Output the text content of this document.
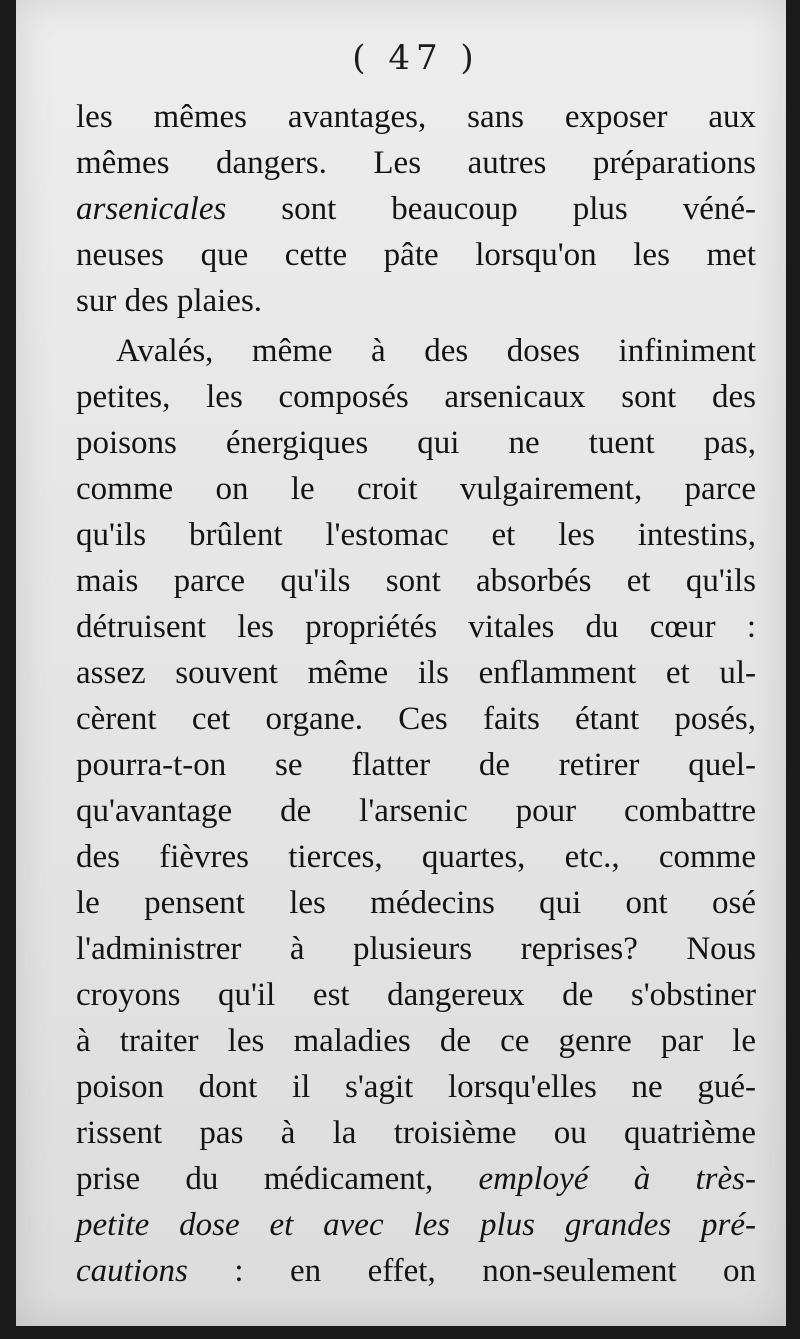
( 47 )
les mêmes avantages, sans exposer aux
mêmes dangers. Les autres préparations
arsenicales sont beaucoup plus véné-
neuses que cette pâte lorsqu'on les met
sur des plaies.
Avalés, même à des doses infiniment
petites, les composés arsenicaux sont des
poisons énergiques qui ne tuent pas,
comme on le croit vulgairement, parce
qu'ils brûlent l'estomac et les intestins,
mais parce qu'ils sont absorbés et qu'ils
détruisent les propriétés vitales du cœur :
assez souvent même ils enflamment et ul-
cèrent cet organe. Ces faits étant posés,
pourra-t-on se flatter de retirer quel-
qu'avantage de l'arsenic pour combattre
des fièvres tierces, quartes, etc., comme
le pensent les médecins qui ont osé
l'administrer à plusieurs reprises? Nous
croyons qu'il est dangereux de s'obstiner
à traiter les maladies de ce genre par le
poison dont il s'agit lorsqu'elles ne gué-
rissent pas à la troisième ou quatrième
prise du médicament, employé à très-
petite dose et avec les plus grandes pré-
cautions : en effet, non-seulement on
